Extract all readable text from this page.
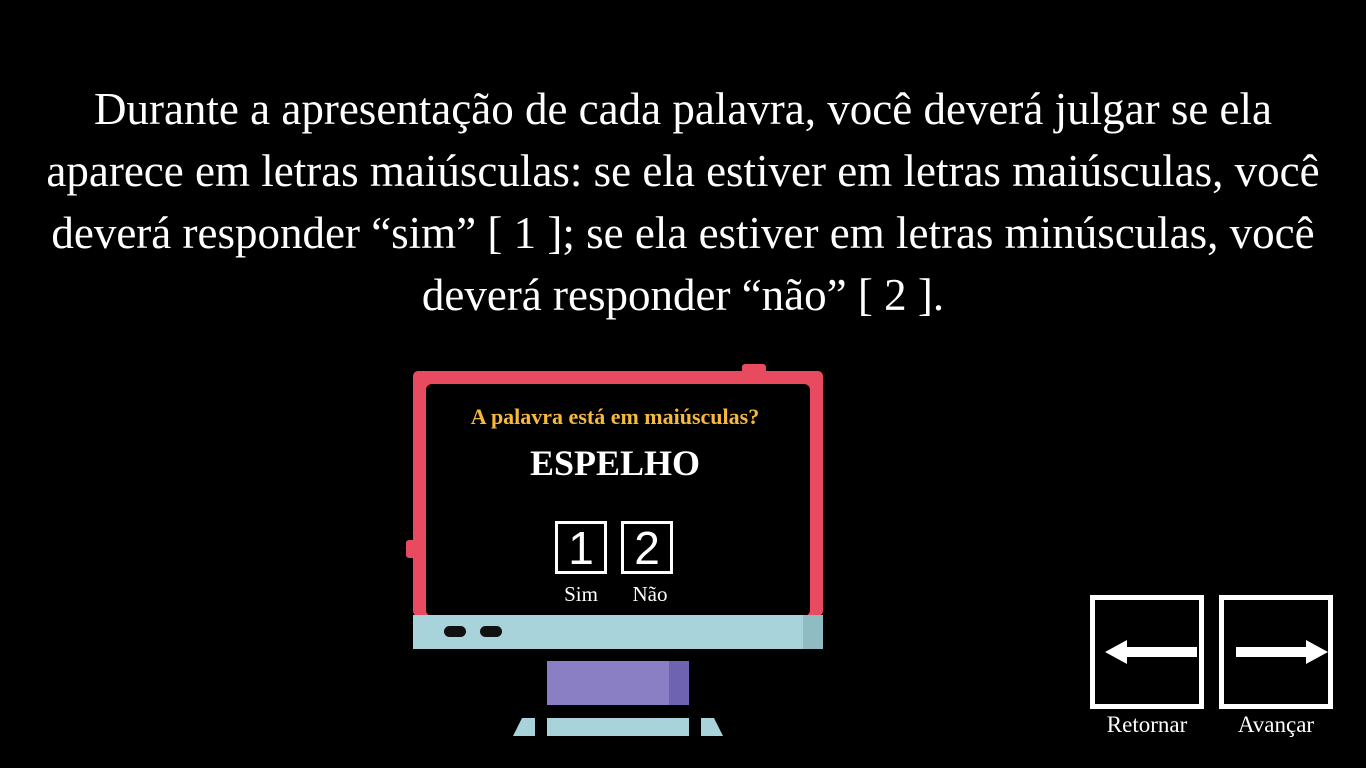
Durante a apresentação de cada palavra, você deverá julgar se ela aparece em letras maiúsculas: se ela estiver em letras maiúsculas, você deverá responder “sim” [ 1 ]; se ela estiver em letras minúsculas, você deverá responder “não” [ 2 ].

A palavra está em maiúsculas?
ESPELHO
1 2
Sim	Não
Retornar	Avançar
